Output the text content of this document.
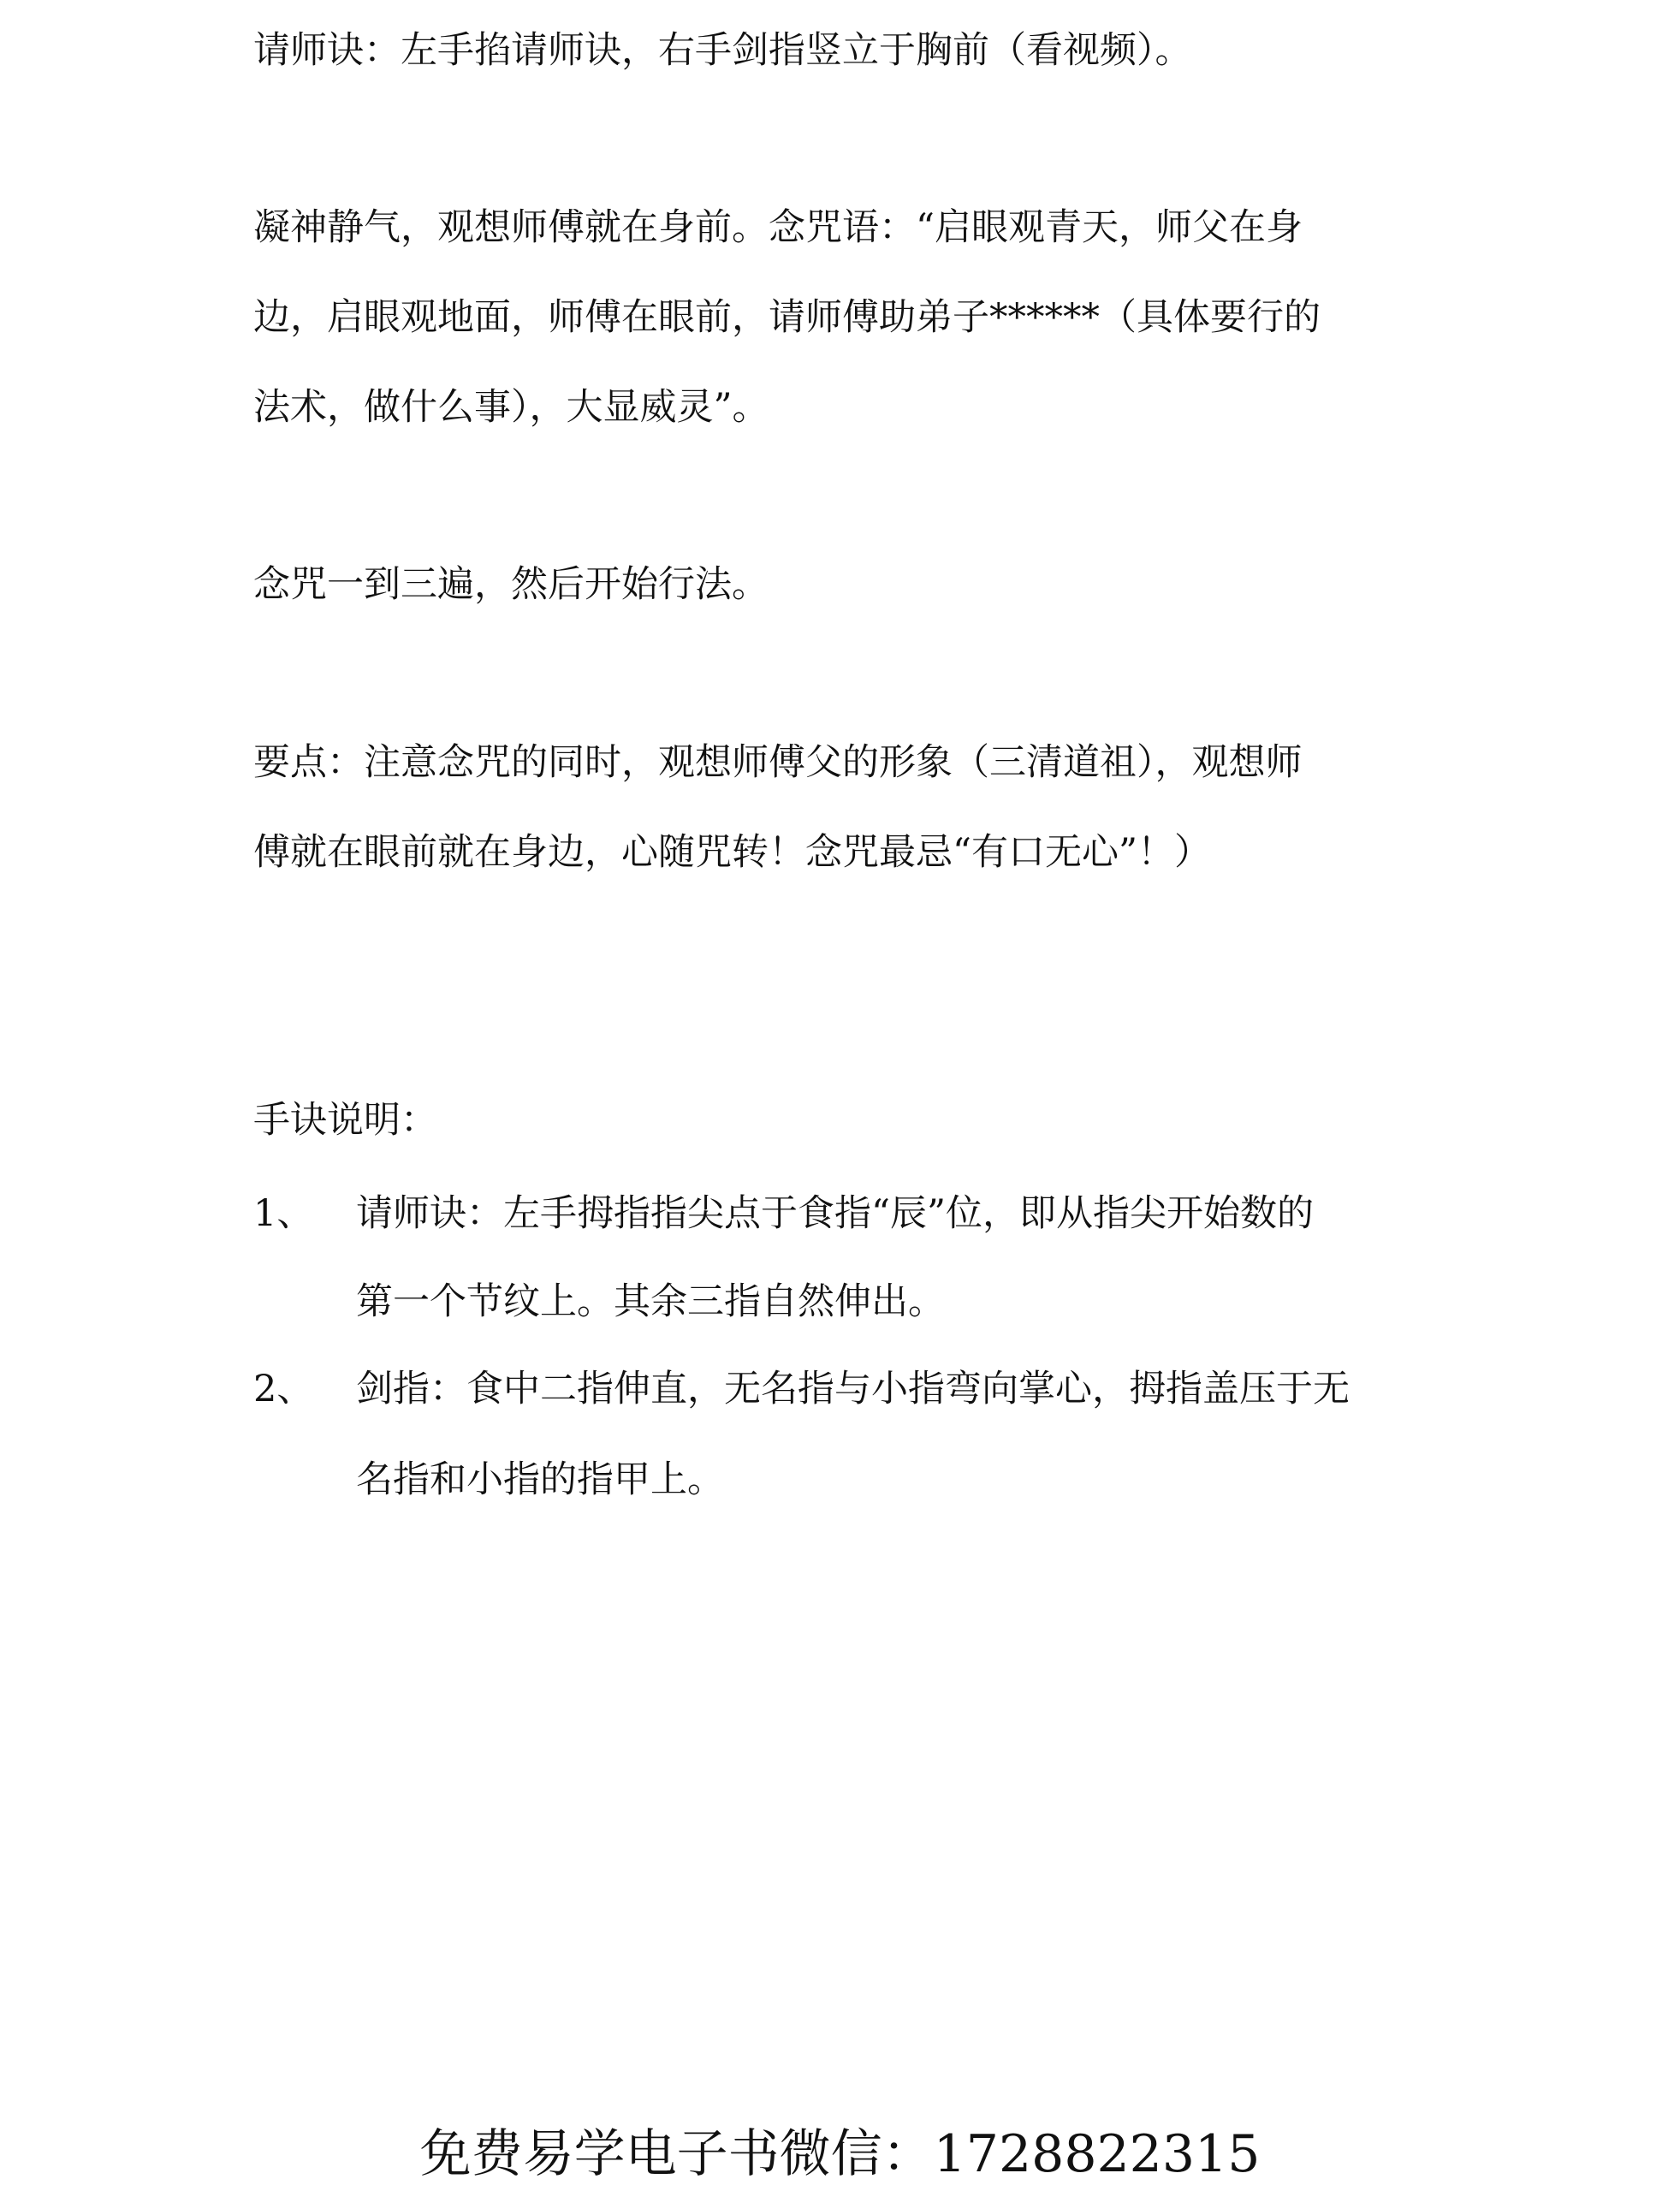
请师诀：左手掐请师诀，右手剑指竖立于胸前（看视频）。
凝神静气，观想师傅就在身前。念咒语：“启眼观青天，师父在身
边，启眼观地面，师傅在眼前，请师傅助弟子******（具体要行的
法术，做什么事），大显威灵”。
念咒一到三遍，然后开始行法。
要点：注意念咒的同时，观想师傅父的形象（三清道祖），观想师
傅就在眼前就在身边，心随咒转！念咒最忌“有口无心”！）
手诀说明：
1、 请师诀：左手拇指指尖点于食指“辰”位，即从指尖开始数的
第一个节纹上。其余三指自然伸出。
2、 剑指：食中二指伸直，无名指与小指弯向掌心，拇指盖压于无
名指和小指的指甲上。
免费易学电子书微信：1728822315
